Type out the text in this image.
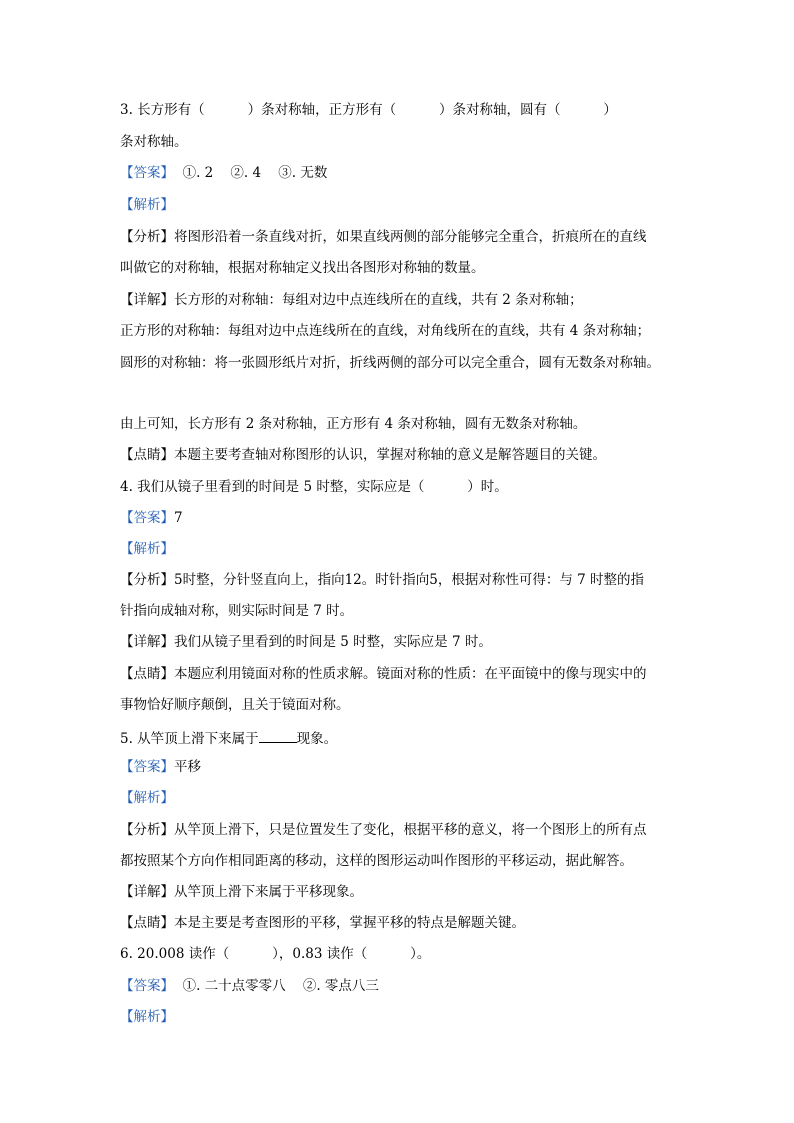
3. 长方形有（          ）条对称轴，正方形有（          ）条对称轴，圆有（          ）
条对称轴。
【答案】  ①. 2    ②. 4    ③. 无数
【解析】
【分析】将图形沿着一条直线对折，如果直线两侧的部分能够完全重合，折痕所在的直线
叫做它的对称轴，根据对称轴定义找出各图形对称轴的数量。
【详解】长方形的对称轴：每组对边中点连线所在的直线，共有 2 条对称轴；
正方形的对称轴：每组对边中点连线所在的直线，对角线所在的直线，共有 4 条对称轴；
圆形的对称轴：将一张圆形纸片对折，折线两侧的部分可以完全重合，圆有无数条对称轴。
由上可知，长方形有 2 条对称轴，正方形有 4 条对称轴，圆有无数条对称轴。
【点睛】本题主要考查轴对称图形的认识，掌握对称轴的意义是解答题目的关键。
4. 我们从镜子里看到的时间是 5 时整，实际应是（          ）时。
【答案】7
【解析】
【分析】5时整，分针竖直向上，指向12。时针指向5，根据对称性可得：与 7 时整的指
针指向成轴对称，则实际时间是 7 时。
【详解】我们从镜子里看到的时间是 5 时整，实际应是 7 时。
【点睛】本题应利用镜面对称的性质求解。镜面对称的性质：在平面镜中的像与现实中的
事物恰好顺序颠倒，且关于镜面对称。
5. 从竿顶上滑下来属于	现象。
【答案】平移
【解析】
【分析】从竿顶上滑下，只是位置发生了变化，根据平移的意义，将一个图形上的所有点
都按照某个方向作相同距离的移动，这样的图形运动叫作图形的平移运动，据此解答。
【详解】从竿顶上滑下来属于平移现象。
【点睛】本是主要是考查图形的平移，掌握平移的特点是解题关键。
6. 20.008 读作（          ），0.83 读作（          ）。
【答案】  ①. 二十点零零八    ②. 零点八三
【解析】
